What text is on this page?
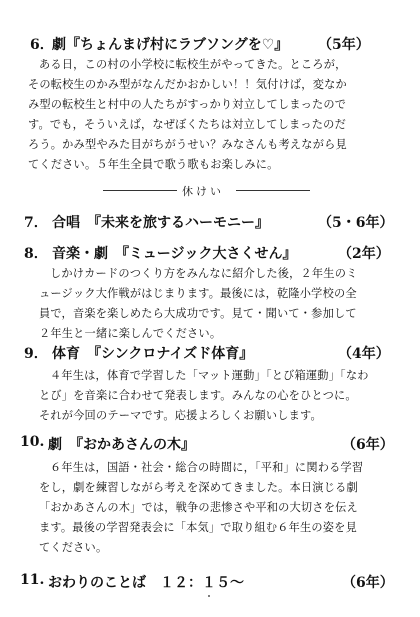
6．
劇『ちょんまげ村にラブソングを♡』 （5年）

ある日，この村の小学校に転校生がやってきた。ところが，

その転校生のかみ型がなんだかおかしい！！気付けば，変なか

み型の転校生と村中の人たちがすっかり対立してしまったので

す。でも，そういえば，なぜぼくたちは対立してしまったのだ

ろう。かみ型やみた目がちがうせい？みなさんも考えながら見

てください。５年生全員で歌う歌もお楽しみに。

休けい
7． 合唱　『未来を旅するハーモニー』	（5・6年）
8． 音楽・劇　『ミュージック大さくせん』	（2年）

しかけカードのつくり方をみんなに紹介した後，２年生のミ

ュージック大作戦がはじまります。最後には，乾隆小学校の全

員で，音楽を楽しめたら大成功です。見て・聞いて・参加して

２年生と一緒に楽しんでください。

9． 体育　『シンクロナイズド体育』	（4年）

４年生は，体育で学習した「マット運動」「とび箱運動」「なわ

とび」を音楽に合わせて発表します。みんなの心をひとつに。

それが今回のテーマです。応援よろしくお願いします。

10. 劇　『おかあさんの木』	（6年）

６年生は，国語・社会・総合の時間に，「平和」に関わる学習

をし，劇を練習しながら考えを深めてきました。本日演じる劇

「おかあさんの木」では，戦争の悲惨さや平和の大切さを伝え

ます。最後の学習発表会に「本気」で取り組む６年生の姿を見

てください。

11. おわりのことば　１２：１５～	（6年）
